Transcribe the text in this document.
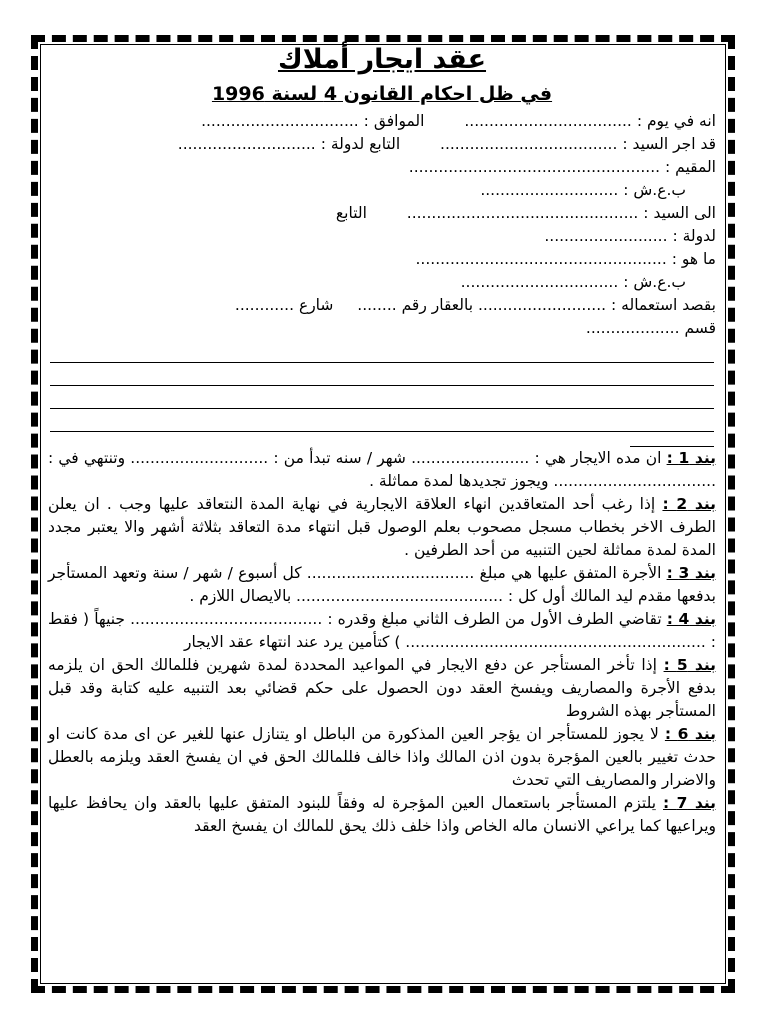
عقد ايجار أملاك
في ظل احكام القانون 4 لسنة 1996
انه في يوم : ..................................  الموافق : ................................
قد اجر السيد : ....................................  التابع لدولة : ............................
المقيم : ...................................................
ب.ع.ش : ............................
الى السيد : ...............................................  التابع
لدولة : .........................
ما هو : ...................................................
ب.ع.ش : ................................
بقصد استعماله : .......................... بالعقار رقم ........  شارع ............
قسم ...................
بند 1 : ان مده الايجار هي : ........................ شهر / سنه تبدأ من : ............................ وتنتهي في : ................................. ويجوز تجديدها لمدة مماثلة .
بند 2 : إذا رغب أحد المتعاقدين انهاء العلاقة الايجارية في نهاية المدة النتعاقد عليها وجب . ان يعلن الطرف الاخر بخطاب مسجل مصحوب بعلم الوصول قبل انتهاء مدة التعاقد بثلاثة أشهر والا يعتبر مجدد المدة لمدة مماثلة لحين التنبيه من أحد الطرفين .
بند 3 : الأجرة المتفق عليها هي مبلغ .................................. كل أسبوع / شهر / سنة وتعهد المستأجر بدفعها مقدم ليد المالك أول كل : .......................................... بالايصال اللازم .
بند 4 : تقاضي الطرف الأول من الطرف الثاني مبلغ وقدره : ....................................... جنيهاً ( فقط : ............................................................. ) كتأمين يرد عند انتهاء عقد الايجار
بند 5 : إذا تأخر المستأجر عن دفع الايجار في المواعيد المحددة لمدة شهرين فللمالك الحق ان يلزمه بدفع الأجرة والمصاريف ويفسخ العقد دون الحصول على حكم قضائي بعد التنبيه عليه كتابة وقد قبل المستأجر بهذه الشروط
بند 6 : لا يجوز للمستأجر ان يؤجر العين المذكورة من الباطل او يتنازل عنها للغير عن اى مدة كانت او حدث تغيير بالعين المؤجرة بدون اذن المالك واذا خالف فللمالك الحق في ان يفسخ العقد ويلزمه بالعطل والاضرار والمصاريف التي تحدث
بند 7 : يلتزم المستأجر باستعمال العين المؤجرة له وفقاً للبنود المتفق عليها بالعقد وان يحافظ عليها ويراعيها كما يراعي الانسان ماله الخاص واذا خلف ذلك يحق للمالك ان يفسخ العقد
